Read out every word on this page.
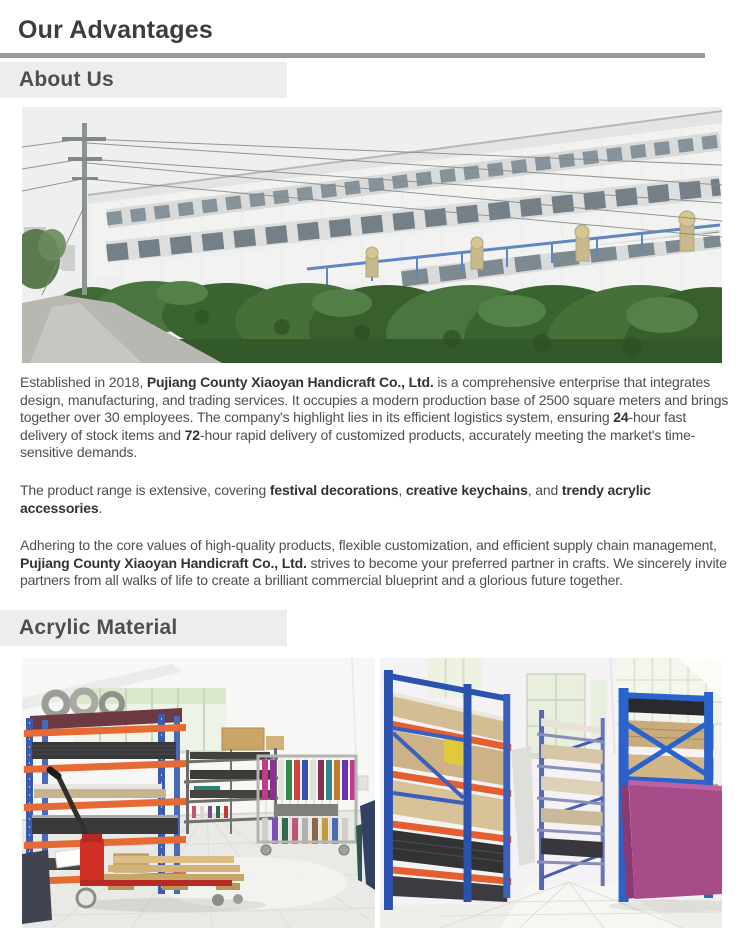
Our Advantages
About Us

Established in 2018, Pujiang County Xiaoyan Handicraft Co., Ltd. is a comprehensive enterprise that integrates design, manufacturing, and trading services. It occupies a modern production base of 2500 square meters and brings together over 30 employees. The company's highlight lies in its efficient logistics system, ensuring 24-hour fast delivery of stock items and 72-hour rapid delivery of customized products, accurately meeting the market's time-sensitive demands.

The product range is extensive, covering festival decorations, creative keychains, and trendy acrylic accessories.

Adhering to the core values of high-quality products, flexible customization, and efficient supply chain management, Pujiang County Xiaoyan Handicraft Co., Ltd. strives to become your preferred partner in crafts. We sincerely invite partners from all walks of life to create a brilliant commercial blueprint and a glorious future together.

Acrylic Material
